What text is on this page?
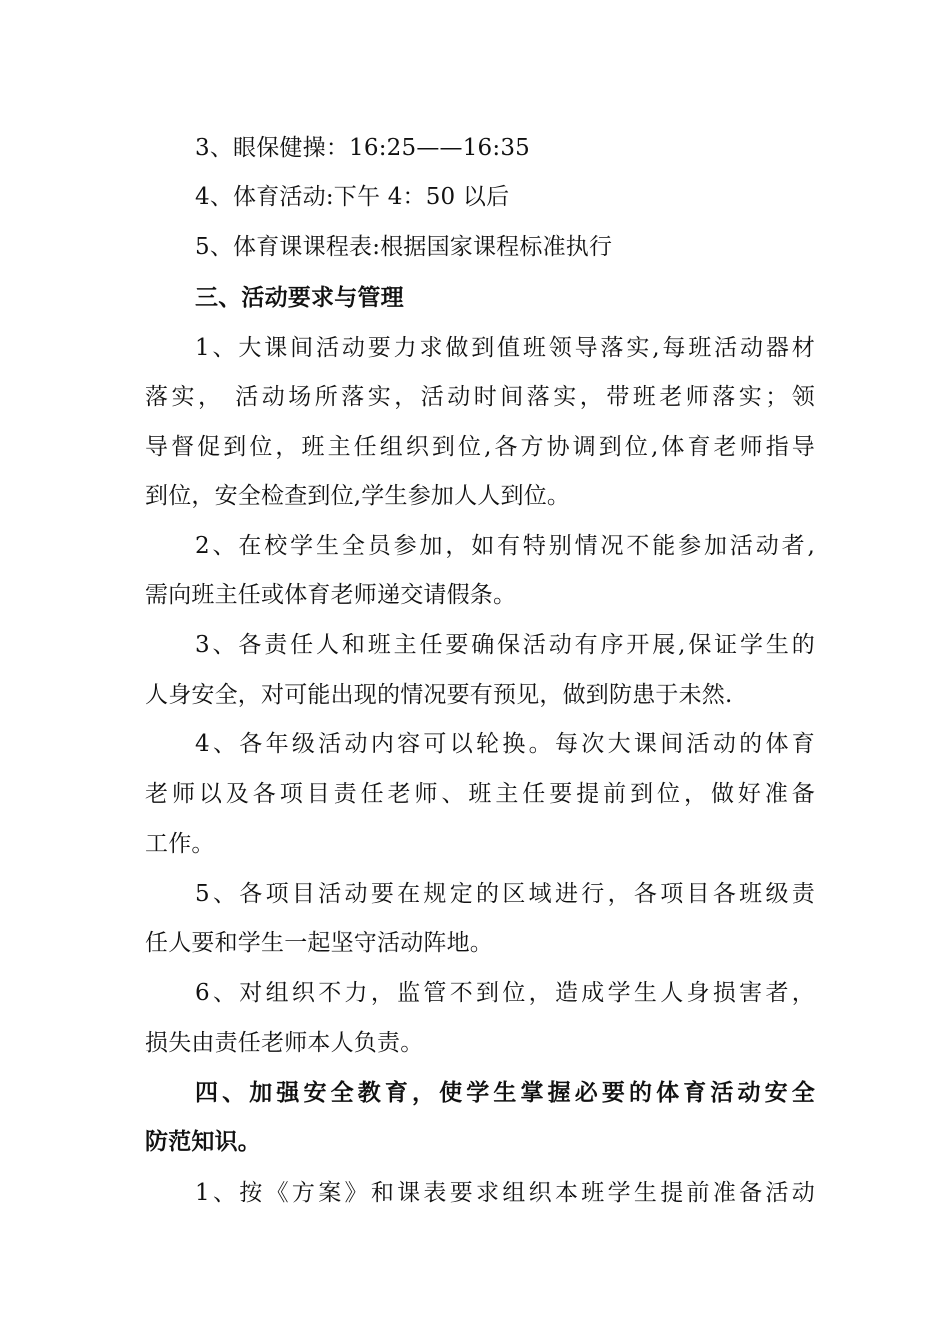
3、眼保健操：16:25——16:35
4、体育活动:下午 4：50 以后
5、体育课课程表:根据国家课程标准执行
三、活动要求与管理
1、大课间活动要力求做到值班领导落实,每班活动器材
落实， 活动场所落实，活动时间落实，带班老师落实；领
导督促到位，班主任组织到位,各方协调到位,体育老师指导
到位，安全检查到位,学生参加人人到位。
2、在校学生全员参加，如有特别情况不能参加活动者,
需向班主任或体育老师递交请假条。
3、各责任人和班主任要确保活动有序开展,保证学生的
人身安全，对可能出现的情况要有预见，做到防患于未然.
4、各年级活动内容可以轮换。每次大课间活动的体育
老师以及各项目责任老师、班主任要提前到位，做好准备
工作。
5、各项目活动要在规定的区域进行，各项目各班级责
任人要和学生一起坚守活动阵地。
6、对组织不力，监管不到位，造成学生人身损害者，
损失由责任老师本人负责。
四、加强安全教育，使学生掌握必要的体育活动安全
防范知识。
1、按《方案》和课表要求组织本班学生提前准备活动
